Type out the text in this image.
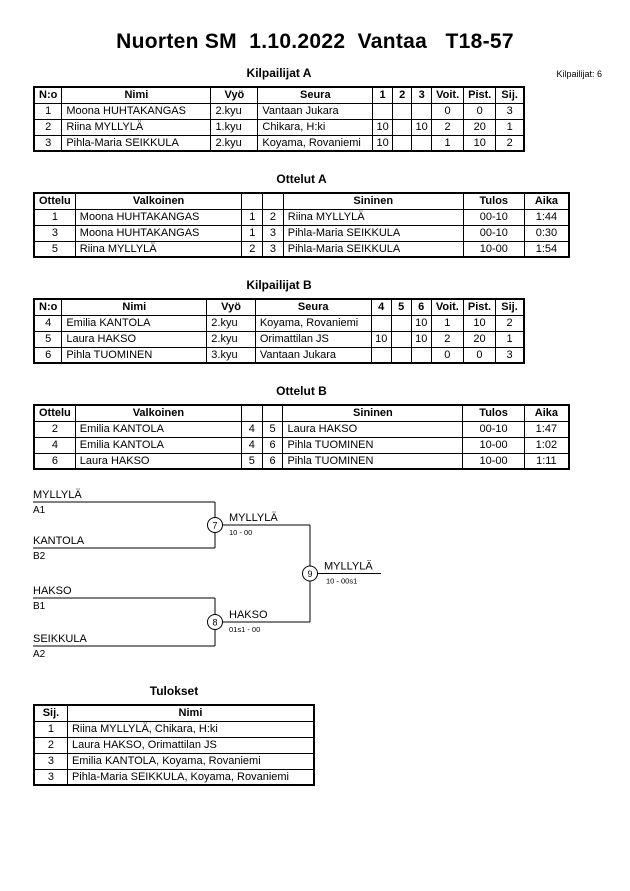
Nuorten SM  1.10.2022  Vantaa   T18-57
Kilpailijat: 6
Kilpailijat A
N:o	Nimi	Vyö	Seura	1	2	3	Voit.	Pist.	Sij.
1	Moona HUHTAKANGAS	2.kyu	Vantaan Jukara				0	0	3
2	Riina MYLLYLÄ	1.kyu	Chikara, H:ki	10		10	2	20	1
3	Pihla-Maria SEIKKULA	2.kyu	Koyama, Rovaniemi	10			1	10	2
Ottelut A
Ottelu	Valkoinen			Sininen	Tulos	Aika
1	Moona HUHTAKANGAS	1	2	Riina MYLLYLÄ	00-10	1:44
3	Moona HUHTAKANGAS	1	3	Pihla-Maria SEIKKULA	00-10	0:30
5	Riina MYLLYLÄ	2	3	Pihla-Maria SEIKKULA	10-00	1:54
Kilpailijat B
N:o	Nimi	Vyö	Seura	4	5	6	Voit.	Pist.	Sij.
4	Emilia KANTOLA	2.kyu	Koyama, Rovaniemi			10	1	10	2
5	Laura HAKSO	2.kyu	Orimattilan JS	10		10	2	20	1
6	Pihla TUOMINEN	3.kyu	Vantaan Jukara				0	0	3
Ottelut B
Ottelu	Valkoinen			Sininen	Tulos	Aika
2	Emilia KANTOLA	4	5	Laura HAKSO	00-10	1:47
4	Emilia KANTOLA	4	6	Pihla TUOMINEN	10-00	1:02
6	Laura HAKSO	5	6	Pihla TUOMINEN	10-00	1:11
MYLLYLÄ
A1
KANTOLA
B2
MYLLYLÄ
10 - 00
7
HAKSO
B1
SEIKKULA
A2
HAKSO
01s1 - 00
8
MYLLYLÄ
10 - 00s1
9
Tulokset
Sij.	Nimi
1	Riina MYLLYLÄ, Chikara, H:ki
2	Laura HAKSO, Orimattilan JS
3	Emilia KANTOLA, Koyama, Rovaniemi
3	Pihla-Maria SEIKKULA, Koyama, Rovaniemi
